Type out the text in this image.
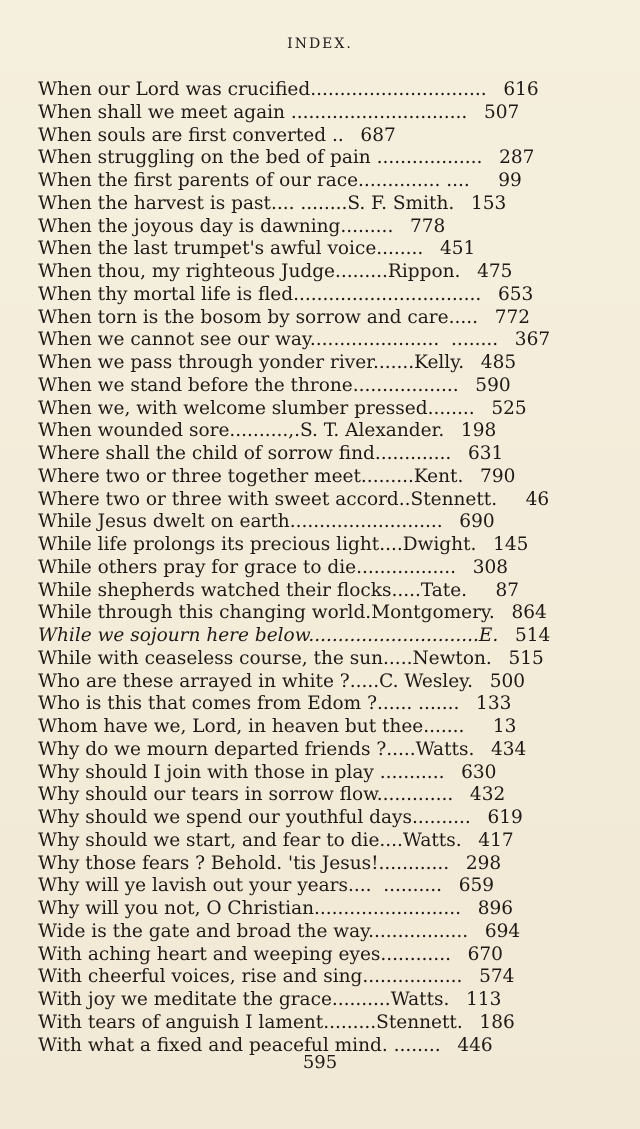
INDEX.
When our Lord was crucified.............................. 616
When shall we meet again .............................. 507
When souls are first converted .. 687
When struggling on the bed of pain .................. 287
When the first parents of our race.............. ....	99
When the harvest is past.... ........S. F. Smith. 153
When the joyous day is dawning......... 778
When the last trumpet's awful voice........ 451
When thou, my righteous Judge.........Rippon. 475
When thy mortal life is fled................................ 653
When torn is the bosom by sorrow and care..... 772
When we cannot see our way......................  ........ 367
When we pass through yonder river.......Kelly. 485
When we stand before the throne.................. 590
When we, with welcome slumber pressed........ 525
When wounded sore..........,.S. T. Alexander. 198
Where shall the child of sorrow find............. 631
Where two or three together meet.........Kent. 790
Where two or three with sweet accord..Stennett.	46
While Jesus dwelt on earth.......................... 690
While life prolongs its precious light....Dwight. 145
While others pray for grace to die................. 308
While shepherds watched their flocks.....Tate.	87
While through this changing world.Montgomery. 864
While we sojourn here below.............................E. 514
While with ceaseless course, the sun.....Newton. 515
Who are these arrayed in white ?.....C. Wesley. 500
Who is this that comes from Edom ?...... ....... 133
Whom have we, Lord, in heaven but thee.......	13
Why do we mourn departed friends ?.....Watts. 434
Why should I join with those in play ........... 630
Why should our tears in sorrow flow............. 432
Why should we spend our youthful days.......... 619
Why should we start, and fear to die....Watts. 417
Why those fears ? Behold. 'tis Jesus!............ 298
Why will ye lavish out your years....  .......... 659
Why will you not, O Christian......................... 896
Wide is the gate and broad the way................. 694
With aching heart and weeping eyes............ 670
With cheerful voices, rise and sing................. 574
With joy we meditate the grace..........Watts. 113
With tears of anguish I lament.........Stennett. 186
With what a fixed and peaceful mind. ........ 446
595
